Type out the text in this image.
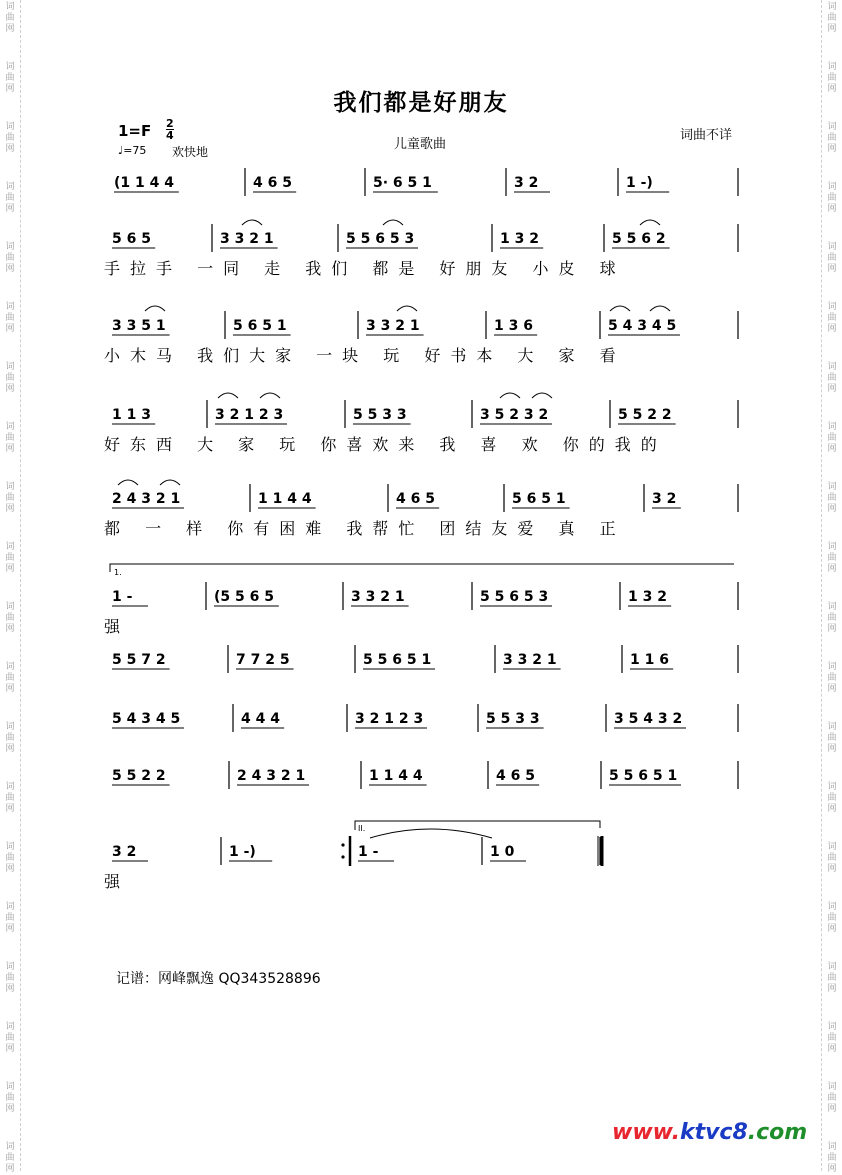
词
曲
网
词
曲
网
词
曲
网
词
曲
网
词
曲
网
词
曲
网
词
曲
网
词
曲
网
词
曲
网
词
曲
网
词
曲
网
词
曲
网
词
曲
网
词
曲
网
词
曲
网
词
曲
网
词
曲
网
词
曲
网
词
曲
网
词
曲
网
词
曲
网
词
曲
网
词
曲
网
词
曲
网
词
曲
网
词
曲
网
词
曲
网
词
曲
网
词
曲
网
词
曲
网
词
曲
网
词
曲
网
词
曲
网
词
曲
网
词
曲
网
词
曲
网
词
曲
网
词
曲
网
词
曲
网
词
曲
网
我们都是好朋友
$1=F \frac{2}{4}$
♩=75 欢快地	儿童歌曲
词曲不详
(1 1 4 4	4 6 5	5· 6 5 1	3 2	1 -)
5 6 5	3 3 2 1	5 5 6 5 3	1 3 2	5 5 6 2
手拉手 一同 走 我们 都是 好朋友 小皮 球
3 3 5 1	5 6 5 1	3 3 2 1	1 3 6	5 4 3 4 5
小木马 我们大家 一块 玩 好书本 大 家 看
1 1 3	3 2 1 2 3	5 5 3 3	3 5 2 3 2	5 5 2 2
好东西 大 家 玩 你喜欢来 我 喜 欢 你的我的
2 4 3 2 1	1 1 4 4	4 6 5	5 6 5 1	3 2
都 一 样 你有困难 我帮忙 团结友爱 真 正
1 -	(5 5 6 5	3 3 2 1	5 5 6 5 3	1 3 2
强
5 5 7 2	7 7 2 5	5 5 6 5 1	3 3 2 1	1 1 6
5 4 3 4 5	4 4 4	3 2 1 2 3	5 5 3 3	3 5 4 3 2
5 5 2 2	2 4 3 2 1	1 1 4 4	4 6 5	5 5 6 5 1
3 2	1 -)	1 -	1 0
强
1.
II.
记谱：网峰飘逸 QQ343528896
www.ktvc8.com
